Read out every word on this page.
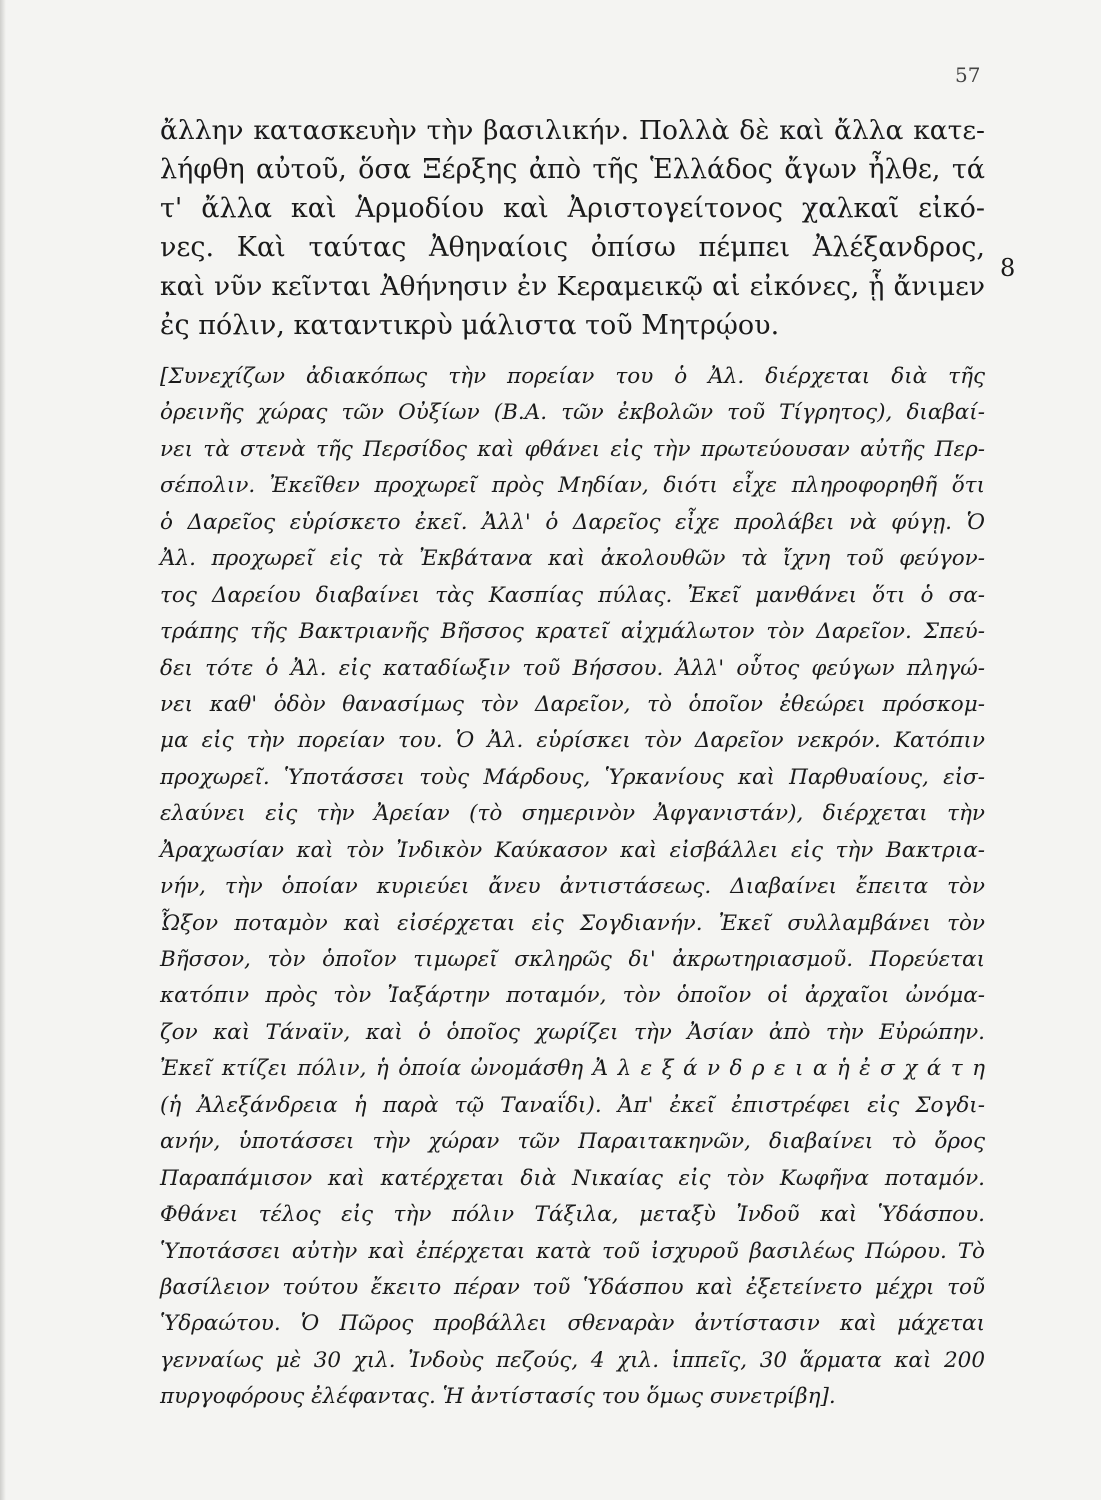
57
ἄλλην κατασκευὴν τὴν βασιλικήν. Πολλὰ δὲ καὶ ἄλλα κατε-
λήφθη αὐτοῦ, ὅσα Ξέρξης ἀπὸ τῆς Ἑλλάδος ἄγων ἦλθε, τά
τ' ἄλλα καὶ Ἁρμοδίου καὶ Ἀριστογείτονος χαλκαῖ εἰκό-
νες. Καὶ ταύτας Ἀθηναίοις ὀπίσω πέμπει Ἀλέξανδρος,
καὶ νῦν κεῖνται Ἀθήνησιν ἐν Κεραμεικῷ αἱ εἰκόνες, ᾗ ἄνιμεν
ἐς πόλιν, καταντικρὺ μάλιστα τοῦ Μητρῴου.
8
[Συνεχίζων ἀδιακόπως τὴν πορείαν του ὁ Ἀλ. διέρχεται διὰ τῆς
ὀρεινῆς χώρας τῶν Οὐξίων (Β.Α. τῶν ἐκβολῶν τοῦ Τίγρητος), διαβαί-
νει τὰ στενὰ τῆς Περσίδος καὶ φθάνει εἰς τὴν πρωτεύουσαν αὐτῆς Περ-
σέπολιν. Ἐκεῖθεν προχωρεῖ πρὸς Μηδίαν, διότι εἶχε πληροφορηθῆ ὅτι
ὁ Δαρεῖος εὑρίσκετο ἐκεῖ. Ἀλλ' ὁ Δαρεῖος εἶχε προλάβει νὰ φύγῃ. Ὁ
Ἀλ. προχωρεῖ εἰς τὰ Ἐκβάτανα καὶ ἀκολουθῶν τὰ ἴχνη τοῦ φεύγον-
τος Δαρείου διαβαίνει τὰς Κασπίας πύλας. Ἐκεῖ μανθάνει ὅτι ὁ σα-
τράπης τῆς Βακτριανῆς Βῆσσος κρατεῖ αἰχμάλωτον τὸν Δαρεῖον. Σπεύ-
δει τότε ὁ Ἀλ. εἰς καταδίωξιν τοῦ Βήσσου. Ἀλλ' οὗτος φεύγων πληγώ-
νει καθ' ὁδὸν θανασίμως τὸν Δαρεῖον, τὸ ὁποῖον ἐθεώρει πρόσκομ-
μα εἰς τὴν πορείαν του. Ὁ Ἀλ. εὑρίσκει τὸν Δαρεῖον νεκρόν. Κατόπιν
προχωρεῖ. Ὑποτάσσει τοὺς Μάρδους, Ὑρκανίους καὶ Παρθυαίους, εἰσ-
ελαύνει εἰς τὴν Ἀρείαν (τὸ σημερινὸν Ἀφγανιστάν), διέρχεται τὴν
Ἀραχωσίαν καὶ τὸν Ἰνδικὸν Καύκασον καὶ εἰσβάλλει εἰς τὴν Βακτρια-
νήν, τὴν ὁποίαν κυριεύει ἄνευ ἀντιστάσεως. Διαβαίνει ἔπειτα τὸν
Ὦξον ποταμὸν καὶ εἰσέρχεται εἰς Σογδιανήν. Ἐκεῖ συλλαμβάνει τὸν
Βῆσσον, τὸν ὁποῖον τιμωρεῖ σκληρῶς δι' ἀκρωτηριασμοῦ. Πορεύεται
κατόπιν πρὸς τὸν Ἰαξάρτην ποταμόν, τὸν ὁποῖον οἱ ἀρχαῖοι ὠνόμα-
ζον καὶ Τάναϊν, καὶ ὁ ὁποῖος χωρίζει τὴν Ἀσίαν ἀπὸ τὴν Εὐρώπην.
Ἐκεῖ κτίζει πόλιν, ἡ ὁποία ὠνομάσθη Ἀ λ ε ξ ά ν δ ρ ε ι α ἡ ἐ σ χ ά τ η
(ἡ Ἀλεξάνδρεια ἡ παρὰ τῷ Ταναΐδι). Ἀπ' ἐκεῖ ἐπιστρέφει εἰς Σογδι-
ανήν, ὑποτάσσει τὴν χώραν τῶν Παραιτακηνῶν, διαβαίνει τὸ ὄρος
Παραπάμισον καὶ κατέρχεται διὰ Νικαίας εἰς τὸν Κωφῆνα ποταμόν.
Φθάνει τέλος εἰς τὴν πόλιν Τάξιλα, μεταξὺ Ἰνδοῦ καὶ Ὑδάσπου.
Ὑποτάσσει αὐτὴν καὶ ἐπέρχεται κατὰ τοῦ ἰσχυροῦ βασιλέως Πώρου. Τὸ
βασίλειον τούτου ἔκειτο πέραν τοῦ Ὑδάσπου καὶ ἐξετείνετο μέχρι τοῦ
Ὑδραώτου. Ὁ Πῶρος προβάλλει σθεναρὰν ἀντίστασιν καὶ μάχεται
γενναίως μὲ 30 χιλ. Ἰνδοὺς πεζούς, 4 χιλ. ἱππεῖς, 30 ἅρματα καὶ 200
πυργοφόρους ἐλέφαντας. Ἡ ἀντίστασίς του ὅμως συνετρίβη].
